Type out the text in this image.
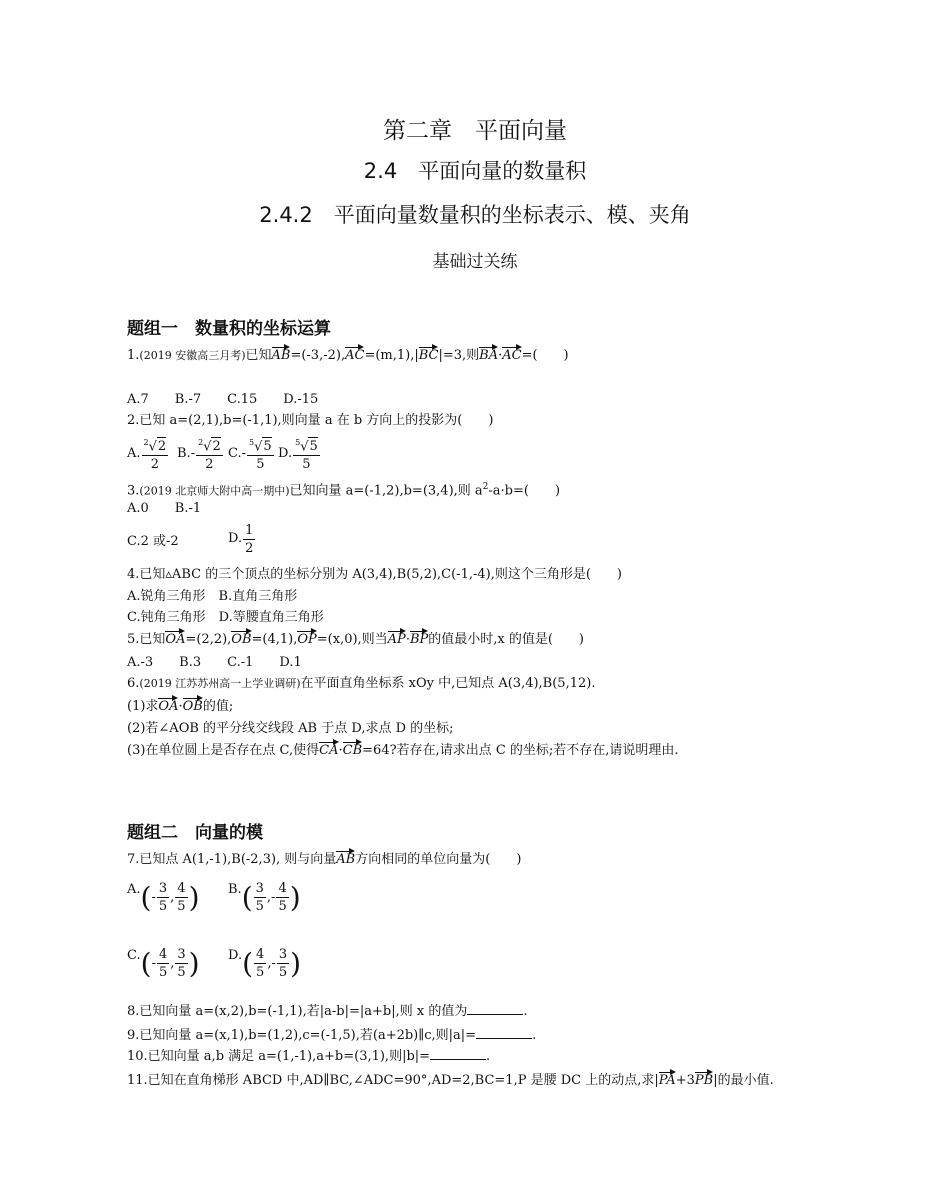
第二章　平面向量
2.4　平面向量的数量积
2.4.2　平面向量数量积的坐标表示、模、夹角
基础过关练
题组一　数量积的坐标运算
1.(2019 安徽高三月考)已知AB=(-3,-2),AC=(m,1),|BC|=3,则BA·AC=(　　)
A.7　　B.-7　　C.15　　D.-15
2.已知 a=(2,1),b=(-1,1),则向量 a 在 b 方向上的投影为(　　)
A. $\frac{^2√2}{2} B$. - $\frac{^2√2}{2} C$. - $\frac{^5√5}{5} D$. $\frac{^5√5}{5}$
3.(2019 北京师大附中高一期中)已知向量 a=(-1,2),b=(3,4),则 $a^2-a\cdot b=$(　　)
A.0　　B.-1
C.2 或-2	D. $\frac{1}{2}$
4.已知▵ABC 的三个顶点的坐标分别为 A(3,4),B(5,2),C(-1,-4),则这个三角形是(　　)
A.锐角三角形　B.直角三角形
C.钝角三角形　D.等腰直角三角形
5.已知OA=(2,2),OB=(4,1),OP=(x,0),则当AP·BP的值最小时,x 的值是(　　)
A.-3　　B.3　　C.-1　　D.1
6.(2019 江苏苏州高一上学业调研)在平面直角坐标系 xOy 中,已知点 A(3,4),B(5,12).
(1)求OA·OB的值;
(2)若∠AOB 的平分线交线段 AB 于点 D,求点 D 的坐标;
(3)在单位圆上是否存在点 C,使得CA·CB=64?若存在,请求出点 C 的坐标;若不存在,请说明理由.
题组二　向量的模
7.已知点 A(1,-1),B(-2,3), 则与向量AB方向相同的单位向量为(　　)
A. ( - $\frac{3}{5}$ , $\frac{4}{5}$ ) B. ( $\frac{3}{5}$ , - $\frac{4}{5}$ )
C. ( - $\frac{4}{5}$ , $\frac{3}{5}$ ) D. ( $\frac{4}{5}$ , - $\frac{3}{5}$ )
8.已知向量 a=(x,2),b=(-1,1),若|a-b|=|a+b|,则 x 的值为	.
9.已知向量 a=(x,1),b=(1,2),c=(-1,5),若(a+2b)∥c,则|a|=	.
10.已知向量 a,b 满足 a=(1,-1),a+b=(3,1),则|b|=	.
11.已知在直角梯形 ABCD 中,AD∥BC,∠ADC=90°,AD=2,BC=1,P 是腰 DC 上的动点,求|PA+3PB|的最小值.
